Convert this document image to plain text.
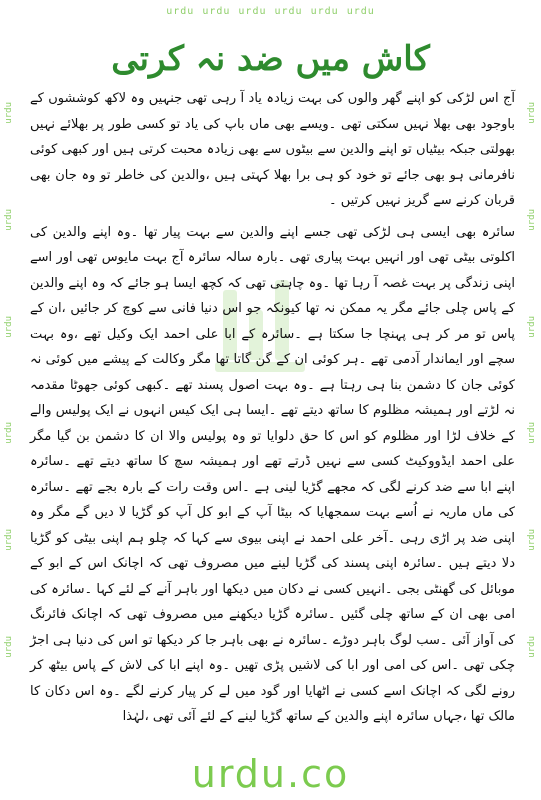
urdu urdu urdu urdu urdu urdu
urdu
urdu
urdu
urdu
urdu
urdu
urdu
urdu
urdu
urdu
urdu
urdu
کاش میں ضد نہ کرتی

آج اس لڑکی کو اپنے گھر والوں کی بہت زیادہ یاد آ رہی تھی جنہیں وہ لاکھ کوششوں کے باوجود بھی بھلا نہیں سکتی تھی ۔ویسے بھی ماں باپ کی یاد تو کسی طور پر بھلائے نہیں بھولتی جبکہ بیٹیاں تو اپنے والدین سے بیٹوں سے بھی زیادہ محبت کرتی ہیں اور کبھی کوئی نافرمانی ہو بھی جائے تو خود کو ہی برا بھلا کہتی ہیں ،والدین کی خاطر تو وہ جان بھی قربان کرنے سے گریز نہیں کرتیں ۔

سائرہ بھی ایسی ہی لڑکی تھی جسے اپنے والدین سے بہت پیار تھا ۔وہ اپنے والدین کی اکلوتی بیٹی تھی اور انہیں بہت پیاری تھی ۔بارہ سالہ سائرہ آج بہت مایوس تھی اور اسے اپنی زندگی پر بہت غصہ آ رہا تھا ۔وہ چاہتی تھی کہ کچھ ایسا ہو جائے کہ وہ اپنے والدین کے پاس چلی جائے مگر یہ ممکن نہ تھا کیونکہ جو اس دنیا فانی سے کوچ کر جائیں ،ان کے پاس تو مر کر ہی پہنچا جا سکتا ہے ۔سائرہ کے ابا علی احمد ایک وکیل تھے ،وہ بہت سچے اور ایماندار آدمی تھے ۔ہر کوئی ان کے گن گاتا تھا مگر وکالت کے پیشے میں کوئی نہ کوئی جان کا دشمن بنا ہی رہتا ہے ۔وہ بہت اصول پسند تھے ۔کبھی کوئی جھوٹا مقدمہ نہ لڑتے اور ہمیشہ مظلوم کا ساتھ دیتے تھے ۔ایسا ہی ایک کیس انہوں نے ایک پولیس والے کے خلاف لڑا اور مظلوم کو اس کا حق دلوایا تو وہ پولیس والا ان کا دشمن بن گیا مگر علی احمد ایڈووکیٹ کسی سے نہیں ڈرتے تھے اور ہمیشہ سچ کا ساتھ دیتے تھے ۔سائرہ اپنے ابا سے ضد کرنے لگی کہ مجھے گڑیا لینی ہے ۔اس وقت رات کے بارہ بجے تھے ۔سائرہ کی ماں ماریہ نے اُسے بہت سمجھایا کہ بیٹا آپ کے ابو کل آپ کو گڑیا لا دیں گے مگر وہ اپنی ضد پر اڑی رہی ۔آخر علی احمد نے اپنی بیوی سے کہا کہ چلو ہم اپنی بیٹی کو گڑیا دلا دیتے ہیں ۔سائرہ اپنی پسند کی گڑیا لینے میں مصروف تھی کہ اچانک اس کے ابو کے موبائل کی گھنٹی بجی ۔انہیں کسی نے دکان میں دیکھا اور باہر آنے کے لئے کہا ۔سائرہ کی امی بھی ان کے ساتھ چلی گئیں ۔سائرہ گڑیا دیکھنے میں مصروف تھی کہ اچانک فائرنگ کی آواز آئی ۔سب لوگ باہر دوڑے ۔سائرہ نے بھی باہر جا کر دیکھا تو اس کی دنیا ہی اجڑ چکی تھی ۔اس کی امی اور ابا کی لاشیں پڑی تھیں ۔وہ اپنے ابا کی لاش کے پاس بیٹھ کر رونے لگی کہ اچانک اسے کسی نے اٹھایا اور گود میں لے کر پیار کرنے لگے ۔وہ اس دکان کا مالک تھا ،جہاں سائرہ اپنے والدین کے ساتھ گڑیا لینے کے لئے آئی تھی ،لہٰذا

urdu.co
